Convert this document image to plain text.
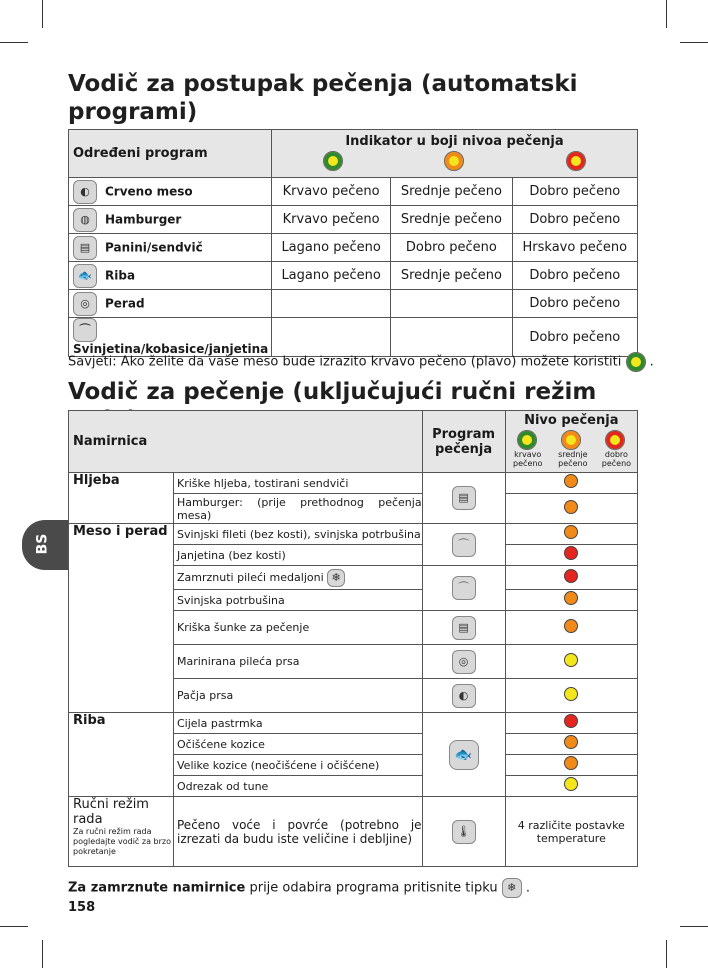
BS
Vodič za postupak pečenja (automatski programi)
Određeni program	Indikator u boji nivoa pečenja		

◐ Crveno meso	Krvavo pečeno	Srednje pečeno	Dobro pečeno
◍ Hamburger	Krvavo pečeno	Srednje pečeno	Dobro pečeno
▤ Panini/sendvič	Lagano pečeno	Dobro pečeno	Hrskavo pečeno
🐟 Riba	Lagano pečeno	Srednje pečeno	Dobro pečeno
◎ Perad			Dobro pečeno
⌒Svinjetina/kobasice/janjetina			Dobro pečeno
Savjeti: Ako želite da vaše meso bude izrazito krvavo pečeno (plavo) možete koristiti .
Vodič za pečenje (uključujući ručni režim rada)
Namirnica		Program pečenja	Nivo pečenja
krvavo pečeno
srednje pečeno
dobro pečeno

Hljeba	Kriške hljeba, tostirani sendviči	▤	
	Hamburger: (prije prethodnog pečenja mesa)		
Meso i perad	Svinjski fileti (bez kosti), svinjska potrbušina	⌒	
	Janjetina (bez kosti)		
	Zamrznuti pileći medaljoni ❄	⌒	
	Svinjska potrbušina		
	Kriška šunke za pečenje	▤	
	Marinirana pileća prsa	◎	
	Pačja prsa	◐	
Riba	Cijela pastrmka	🐟	
	Očišćene kozice		
	Velike kozice (neočišćene i očišćene)		
	Odrezak od tune		

Ručni režim rada
Za ručni režim rada pogledajte vodič za brzo pokretanje	Pečeno voće i povrće (potrebno je izrezati da budu iste veličine i debljine)	🌡	4 različite postavke temperature
Za zamrznute namirnice prije odabira programa pritisnite tipku ❄ .
158
